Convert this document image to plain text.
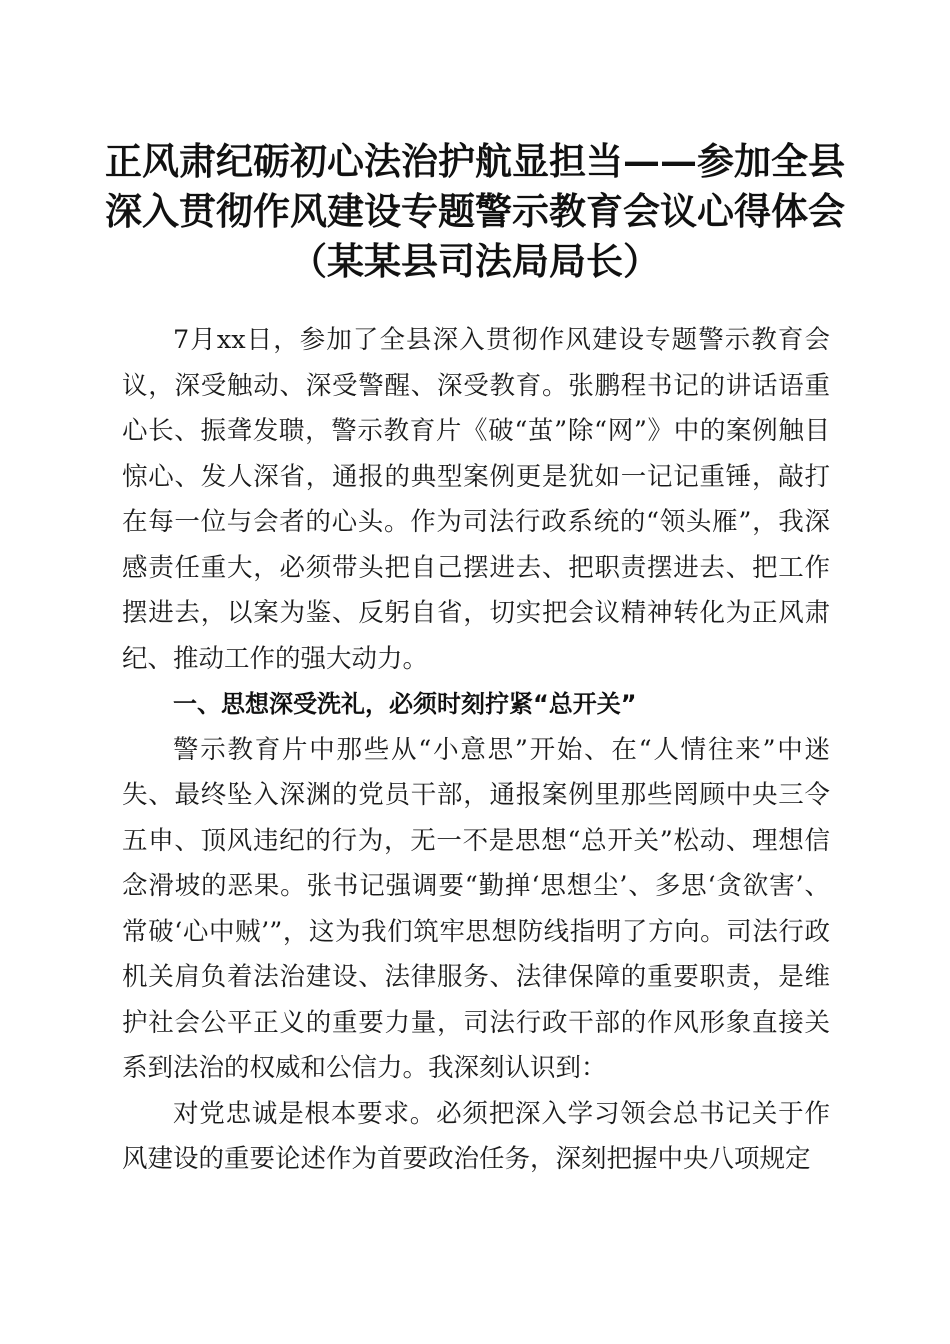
正风肃纪砺初心法治护航显担当——参加全县
深入贯彻作风建设专题警示教育会议心得体会
（某某县司法局局长）

7月xx日，参加了全县深入贯彻作风建设专题警示教育会议，深受触动、深受警醒、深受教育。张鹏程书记的讲话语重心长、振聋发聩，警示教育片《破“茧”除“网”》中的案例触目惊心、发人深省，通报的典型案例更是犹如一记记重锤，敲打在每一位与会者的心头。作为司法行政系统的“领头雁”，我深感责任重大，必须带头把自己摆进去、把职责摆进去、把工作摆进去，以案为鉴、反躬自省，切实把会议精神转化为正风肃纪、推动工作的强大动力。

一、思想深受洗礼，必须时刻拧紧“总开关”

警示教育片中那些从“小意思”开始、在“人情往来”中迷失、最终坠入深渊的党员干部，通报案例里那些罔顾中央三令五申、顶风违纪的行为，无一不是思想“总开关”松动、理想信念滑坡的恶果。张书记强调要“勤掸‘思想尘’、多思‘贪欲害’、常破‘心中贼’”，这为我们筑牢思想防线指明了方向。司法行政机关肩负着法治建设、法律服务、法律保障的重要职责，是维护社会公平正义的重要力量，司法行政干部的作风形象直接关系到法治的权威和公信力。我深刻认识到：

对党忠诚是根本要求。必须把深入学习领会总书记关于作风建设的重要论述作为首要政治任务，深刻把握中央八项规定
